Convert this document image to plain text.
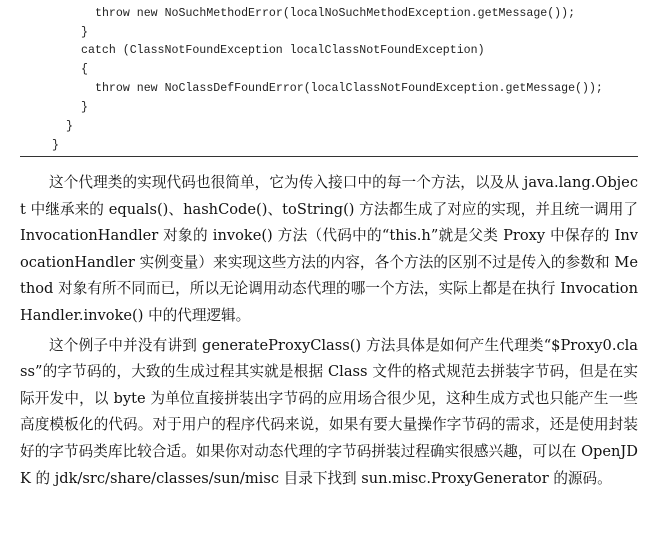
throw new NoSuchMethodError(localNoSuchMethodException.getMessage());
}
catch (ClassNotFoundException localClassNotFoundException)
{
throw new NoClassDefFoundError(localClassNotFoundException.getMessage());
}
}
}

这个代理类的实现代码也很简单，它为传入接口中的每一个方法，以及从 java.lang.Object 中继承来的 equals()、hashCode()、toString() 方法都生成了对应的实现，并且统一调用了 InvocationHandler 对象的 invoke() 方法（代码中的“this.h”就是父类 Proxy 中保存的 InvocationHandler 实例变量）来实现这些方法的内容，各个方法的区别不过是传入的参数和 Method 对象有所不同而已，所以无论调用动态代理的哪一个方法，实际上都是在执行 InvocationHandler.invoke() 中的代理逻辑。

这个例子中并没有讲到 generateProxyClass() 方法具体是如何产生代理类“$Proxy0.class”的字节码的，大致的生成过程其实就是根据 Class 文件的格式规范去拼装字节码，但是在实际开发中，以 byte 为单位直接拼装出字节码的应用场合很少见，这种生成方式也只能产生一些高度模板化的代码。对于用户的程序代码来说，如果有要大量操作字节码的需求，还是使用封装好的字节码类库比较合适。如果你对动态代理的字节码拼装过程确实很感兴趣，可以在 OpenJDK 的 jdk/src/share/classes/sun/misc 目录下找到 sun.misc.ProxyGenerator 的源码。
